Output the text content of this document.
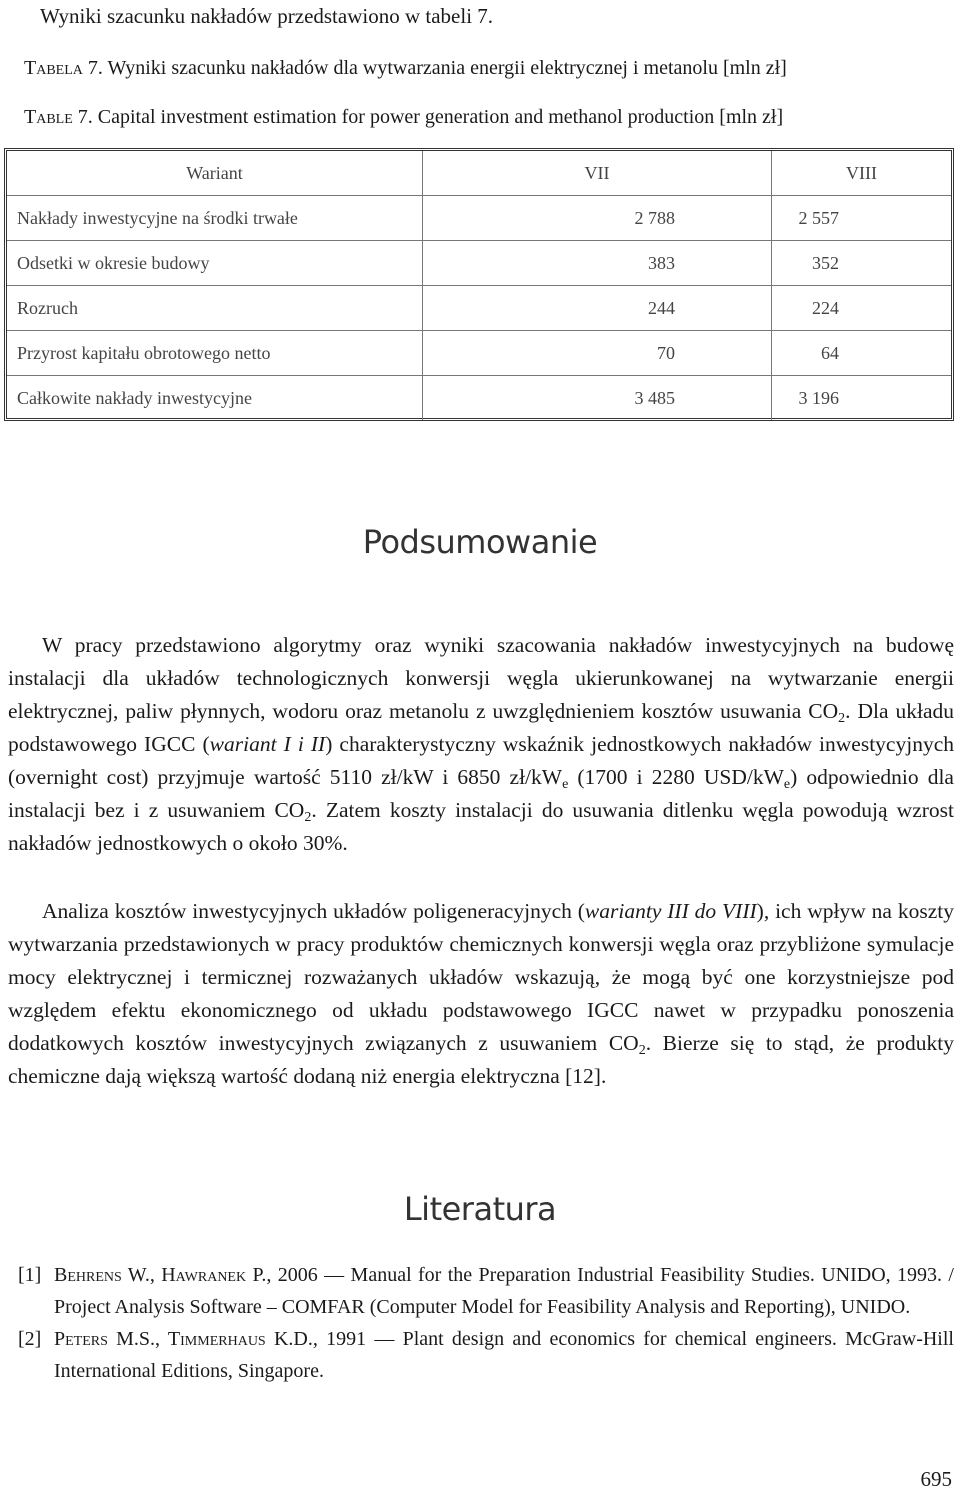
Wyniki szacunku nakładów przedstawiono w tabeli 7.

Tabela 7. Wyniki szacunku nakładów dla wytwarzania energii elektrycznej i metanolu [mln zł]

Table 7. Capital investment estimation for power generation and methanol production [mln zł]

Wariant	VII	VIII
Nakłady inwestycyjne na środki trwałe	2 788	2 557
Odsetki w okresie budowy	383	352
Rozruch	244	224
Przyrost kapitału obrotowego netto	70	64
Całkowite nakłady inwestycyjne	3 485	3 196
Podsumowanie

W pracy przedstawiono algorytmy oraz wyniki szacowania nakładów inwestycyjnych na budowę instalacji dla układów technologicznych konwersji węgla ukierunkowanej na wytwarzanie energii elektrycznej, paliw płynnych, wodoru oraz metanolu z uwzględnieniem kosztów usuwania $CO_2$. Dla układu podstawowego IGCC (wariant I i II) charakterystyczny wskaźnik jednostkowych nakładów inwestycyjnych (overnight cost) przyjmuje wartość 5110 zł/kW i 6850 $zł/kW_e$ (1700 i 2280 USD/$kW_e$) odpowiednio dla instalacji bez i z usuwaniem $CO_2$. Zatem koszty instalacji do usuwania ditlenku węgla powodują wzrost nakładów jednostkowych o około 30%.

Analiza kosztów inwestycyjnych układów poligeneracyjnych (warianty III do VIII), ich wpływ na koszty wytwarzania przedstawionych w pracy produktów chemicznych konwersji węgla oraz przybliżone symulacje mocy elektrycznej i termicznej rozważanych układów wskazują, że mogą być one korzystniejsze pod względem efektu ekonomicznego od układu podstawowego IGCC nawet w przypadku ponoszenia dodatkowych kosztów inwestycyjnych związanych z usuwaniem $CO_2$. Bierze się to stąd, że produkty chemiczne dają większą wartość dodaną niż energia elektryczna [12].

Literatura
[1] Behrens W., Hawranek P., 2006 — Manual for the Preparation Industrial Feasibility Studies. UNIDO, 1993. / Project Analysis Software – COMFAR (Computer Model for Feasibility Analysis and Reporting), UNIDO.
[2] Peters M.S., Timmerhaus K.D., 1991 — Plant design and economics for chemical engineers. McGraw-Hill International Editions, Singapore.

695
